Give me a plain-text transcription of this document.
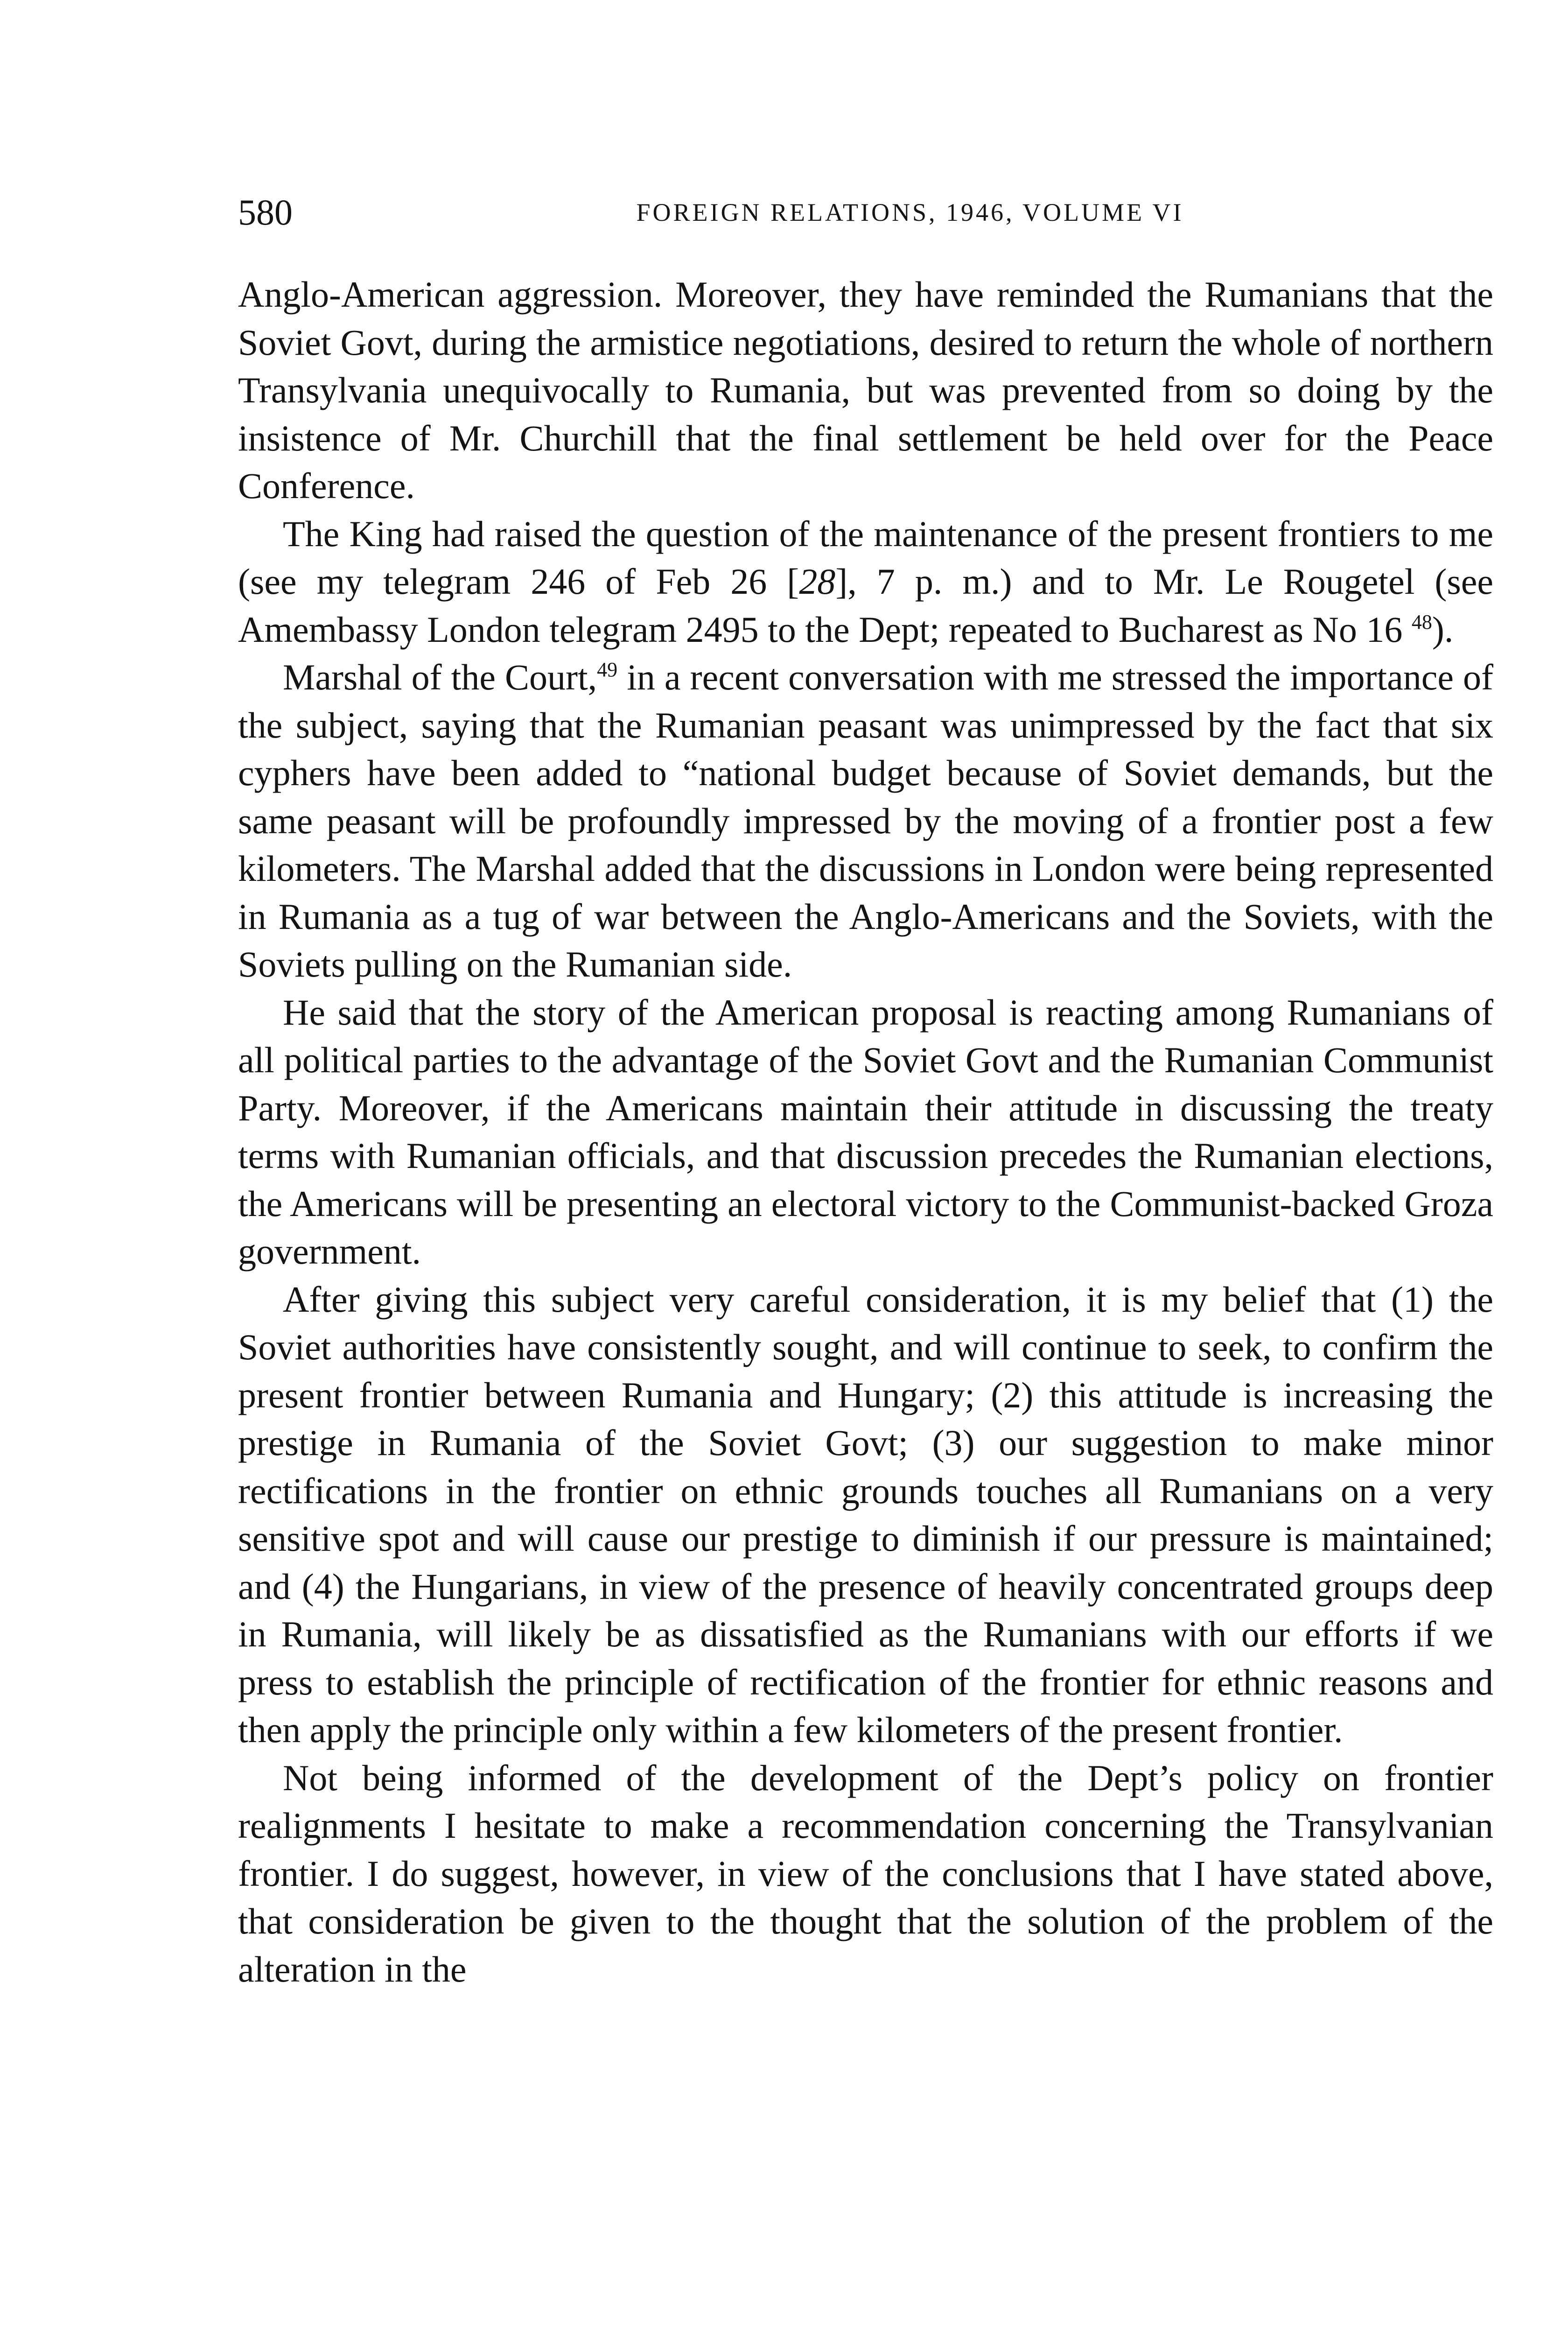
580	FOREIGN RELATIONS, 1946, VOLUME VI

Anglo-American aggression. Moreover, they have reminded the Rumanians that the Soviet Govt, during the armistice negotiations, desired to return the whole of northern Transylvania unequivocally to Rumania, but was prevented from so doing by the insistence of Mr. Churchill that the final settlement be held over for the Peace Conference.

The King had raised the question of the maintenance of the present frontiers to me (see my telegram 246 of Feb 26 [28], 7 p. m.) and to Mr. Le Rougetel (see Amembassy London telegram 2495 to the Dept; repeated to Bucharest as No 16 $^{48}$).

Marshal of the Court,$^{49}$ in a recent conversation with me stressed the importance of the subject, saying that the Rumanian peasant was unimpressed by the fact that six cyphers have been added to “national budget because of Soviet demands, but the same peasant will be profoundly impressed by the moving of a frontier post a few kilometers. The Marshal added that the discussions in London were being represented in Rumania as a tug of war between the Anglo-Americans and the Soviets, with the Soviets pulling on the Rumanian side.

He said that the story of the American proposal is reacting among Rumanians of all political parties to the advantage of the Soviet Govt and the Rumanian Communist Party. Moreover, if the Americans maintain their attitude in discussing the treaty terms with Rumanian officials, and that discussion precedes the Rumanian elections, the Americans will be presenting an electoral victory to the Communist-backed Groza government.

After giving this subject very careful consideration, it is my belief that (1) the Soviet authorities have consistently sought, and will continue to seek, to confirm the present frontier between Rumania and Hungary; (2) this attitude is increasing the prestige in Rumania of the Soviet Govt; (3) our suggestion to make minor rectifications in the frontier on ethnic grounds touches all Rumanians on a very sensitive spot and will cause our prestige to diminish if our pressure is maintained; and (4) the Hungarians, in view of the presence of heavily concentrated groups deep in Rumania, will likely be as dissatisfied as the Rumanians with our efforts if we press to establish the principle of rectification of the frontier for ethnic reasons and then apply the principle only within a few kilometers of the present frontier.

Not being informed of the development of the Dept’s policy on frontier realignments I hesitate to make a recommendation concerning the Transylvanian frontier. I do suggest, however, in view of the conclusions that I have stated above, that consideration be given to the thought that the solution of the problem of the alteration in the
